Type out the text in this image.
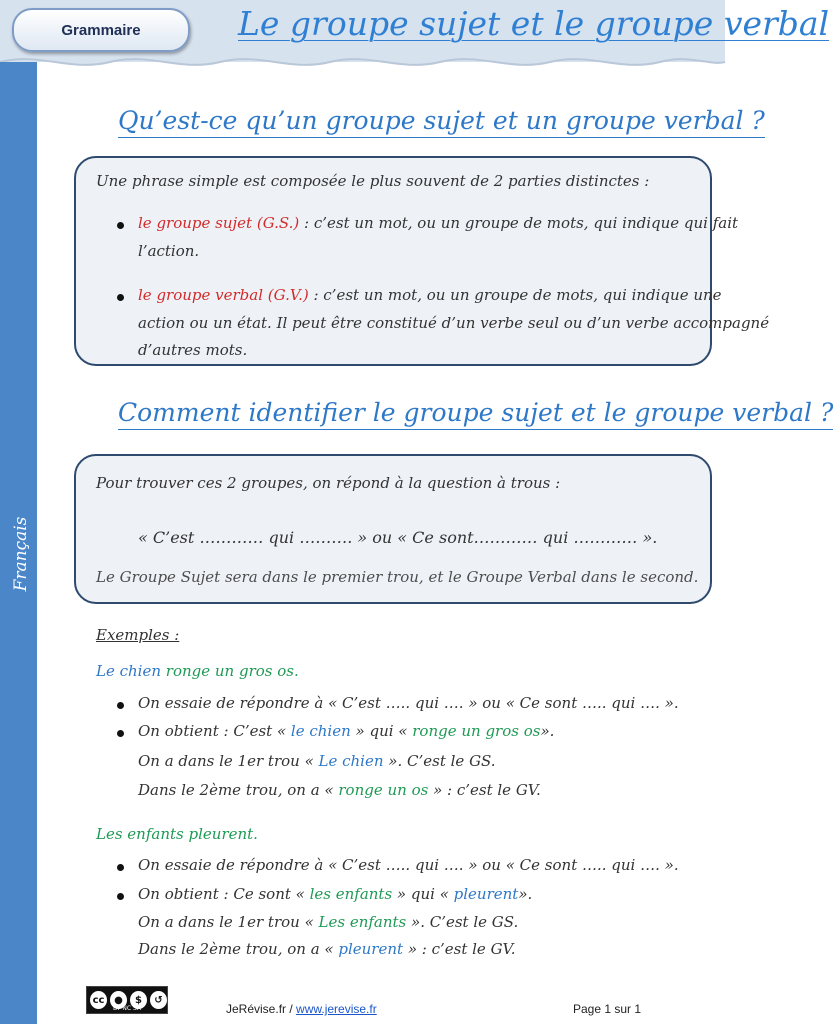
Grammaire	Le groupe sujet et le groupe verbal
Français
Qu’est-ce qu’un groupe sujet et un groupe verbal ?
Une phrase simple est composée le plus souvent de 2 parties distinctes :
le groupe sujet (G.S.) : c’est un mot, ou un groupe de mots, qui indique qui fait
l’action.
le groupe verbal (G.V.) : c’est un mot, ou un groupe de mots, qui indique une
action ou un état. Il peut être constitué d’un verbe seul ou d’un verbe accompagné
d’autres mots.
Comment identifier le groupe sujet et le groupe verbal ?
Pour trouver ces 2 groupes, on répond à la question à trous :
« C’est ………… qui ………. » ou « Ce sont………… qui ………… ».
Le Groupe Sujet sera dans le premier trou, et le Groupe Verbal dans le second.
Exemples :
Le chien ronge un gros os.
On essaie de répondre à « C’est ….. qui …. » ou « Ce sont ….. qui …. ».
On obtient : C’est « le chien » qui « ronge un gros os».
On a dans le 1er trou « Le chien ». C’est le GS.
Dans le 2ème trou, on a « ronge un os » : c’est le GV.
Les enfants pleurent.
On essaie de répondre à « C’est ….. qui …. » ou « Ce sont ….. qui …. ».
On obtient : Ce sont « les enfants » qui « pleurent».
On a dans le 1er trou « Les enfants ». C’est le GS.
Dans le 2ème trou, on a « pleurent » : c’est le GV.
cc ●	$	↺
BY NC SA	JeRévise.fr / www.jerevise.fr	Page 1 sur 1
